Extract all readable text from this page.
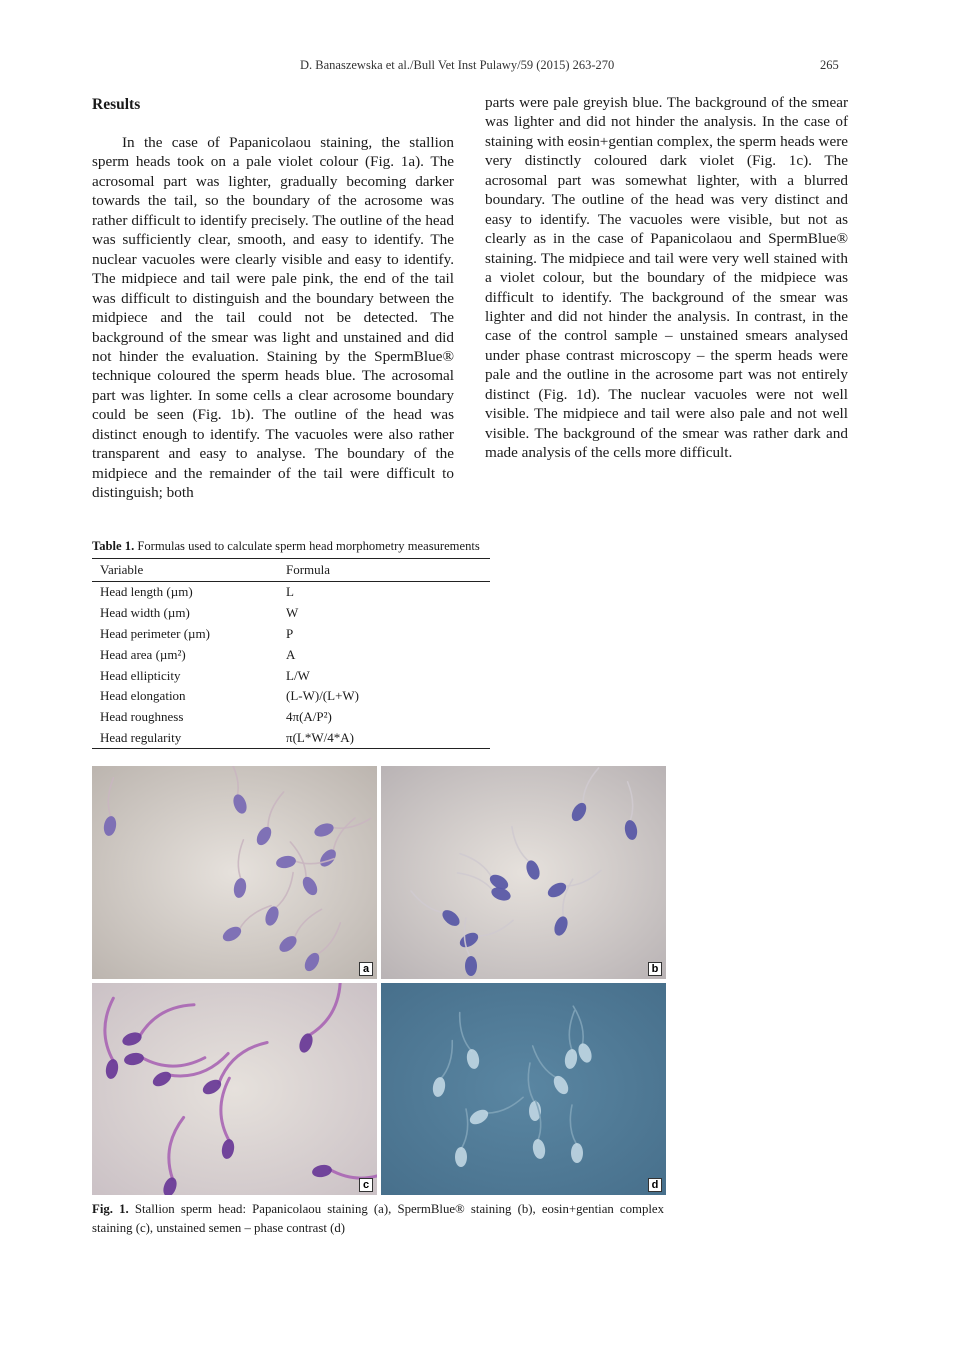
D. Banaszewska et al./Bull Vet Inst Pulawy/59 (2015) 263-270	265
Results

In the case of Papanicolaou staining, the stallion sperm heads took on a pale violet colour (Fig. 1a). The acrosomal part was lighter, gradually becoming darker towards the tail, so the boundary of the acrosome was rather difficult to identify precisely. The outline of the head was sufficiently clear, smooth, and easy to identify. The nuclear vacuoles were clearly visible and easy to identify. The midpiece and tail were pale pink, the end of the tail was difficult to distinguish and the boundary between the midpiece and the tail could not be detected. The background of the smear was light and unstained and did not hinder the evaluation. Staining by the SpermBlue® technique coloured the sperm heads blue. The acrosomal part was lighter. In some cells a clear acrosome boundary could be seen (Fig. 1b). The outline of the head was distinct enough to identify. The vacuoles were also rather transparent and easy to analyse. The boundary of the midpiece and the remainder of the tail were difficult to distinguish; both

parts were pale greyish blue. The background of the smear was lighter and did not hinder the analysis. In the case of staining with eosin+gentian complex, the sperm heads were very distinctly coloured dark violet (Fig. 1c). The acrosomal part was somewhat lighter, with a blurred boundary. The outline of the head was very distinct and easy to identify. The vacuoles were visible, but not as clearly as in the case of Papanicolaou and SpermBlue® staining. The midpiece and tail were very well stained with a violet colour, but the boundary of the midpiece was difficult to identify. The background of the smear was lighter and did not hinder the analysis. In contrast, in the case of the control sample – unstained smears analysed under phase contrast microscopy – the sperm heads were pale and the outline in the acrosome part was not entirely distinct (Fig. 1d). The nuclear vacuoles were not well visible. The midpiece and tail were also pale and not well visible. The background of the smear was rather dark and made analysis of the cells more difficult.

Table 1. Formulas used to calculate sperm head morphometry measurements
Variable	Formula
Head length (µm)	L
Head width (µm)	W
Head perimeter (µm)	P
Head area (µm²)	A
Head ellipticity	L/W
Head elongation	(L-W)/(L+W)
Head roughness	4π(A/P²)
Head regularity	π(L*W/4*A)
a	b
c	d
Fig. 1. Stallion sperm head: Papanicolaou staining (a), SpermBlue® staining (b), eosin+gentian complex staining (c), unstained semen – phase contrast (d)
